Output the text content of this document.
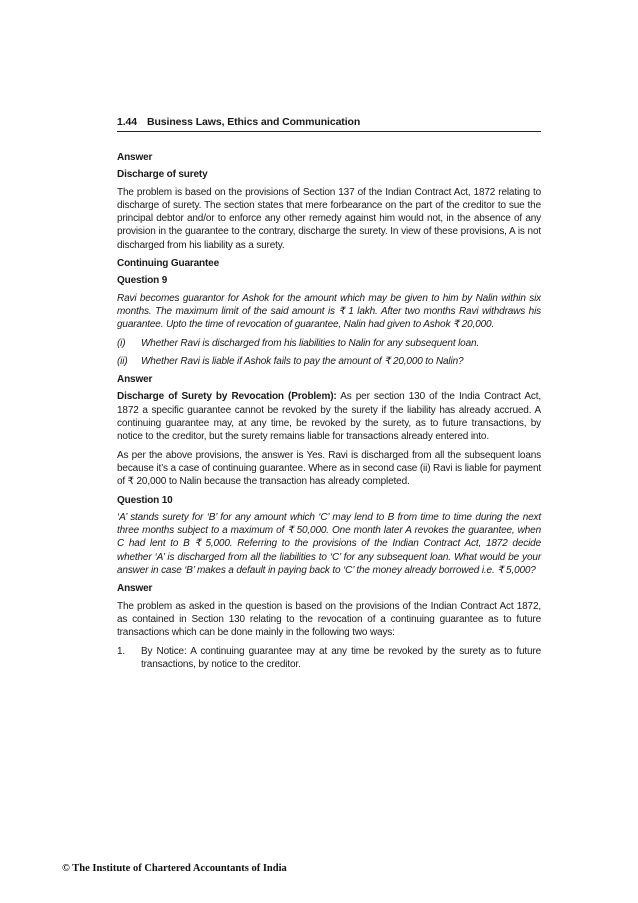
1.44 Business Laws, Ethics and Communication
Answer
Discharge of surety

The problem is based on the provisions of Section 137 of the Indian Contract Act, 1872 relating to discharge of surety. The section states that mere forbearance on the part of the creditor to sue the principal debtor and/or to enforce any other remedy against him would not, in the absence of any provision in the guarantee to the contrary, discharge the surety. In view of these provisions, A is not discharged from his liability as a surety.

Continuing Guarantee
Question 9

Ravi becomes guarantor for Ashok for the amount which may be given to him by Nalin within six months. The maximum limit of the said amount is ₹ 1 lakh. After two months Ravi withdraws his guarantee. Upto the time of revocation of guarantee, Nalin had given to Ashok ₹ 20,000.

(i)	Whether Ravi is discharged from his liabilities to Nalin for any subsequent loan.
(ii)	Whether Ravi is liable if Ashok fails to pay the amount of ₹ 20,000 to Nalin?
Answer

Discharge of Surety by Revocation (Problem): As per section 130 of the India Contract Act, 1872 a specific guarantee cannot be revoked by the surety if the liability has already accrued. A continuing guarantee may, at any time, be revoked by the surety, as to future transactions, by notice to the creditor, but the surety remains liable for transactions already entered into.

As per the above provisions, the answer is Yes. Ravi is discharged from all the subsequent loans because it’s a case of continuing guarantee. Where as in second case (ii) Ravi is liable for payment of ₹ 20,000 to Nalin because the transaction has already completed.

Question 10

‘A’ stands surety for ‘B’ for any amount which ‘C’ may lend to B from time to time during the next three months subject to a maximum of ₹ 50,000. One month later A revokes the guarantee, when C had lent to B ₹ 5,000. Referring to the provisions of the Indian Contract Act, 1872 decide whether ‘A’ is discharged from all the liabilities to ‘C’ for any subsequent loan. What would be your answer in case ‘B’ makes a default in paying back to ‘C’ the money already borrowed i.e. ₹ 5,000?

Answer

The problem as asked in the question is based on the provisions of the Indian Contract Act 1872, as contained in Section 130 relating to the revocation of a continuing guarantee as to future transactions which can be done mainly in the following two ways:

1.	By Notice: A continuing guarantee may at any time be revoked by the surety as to future transactions, by notice to the creditor.
© The Institute of Chartered Accountants of India
